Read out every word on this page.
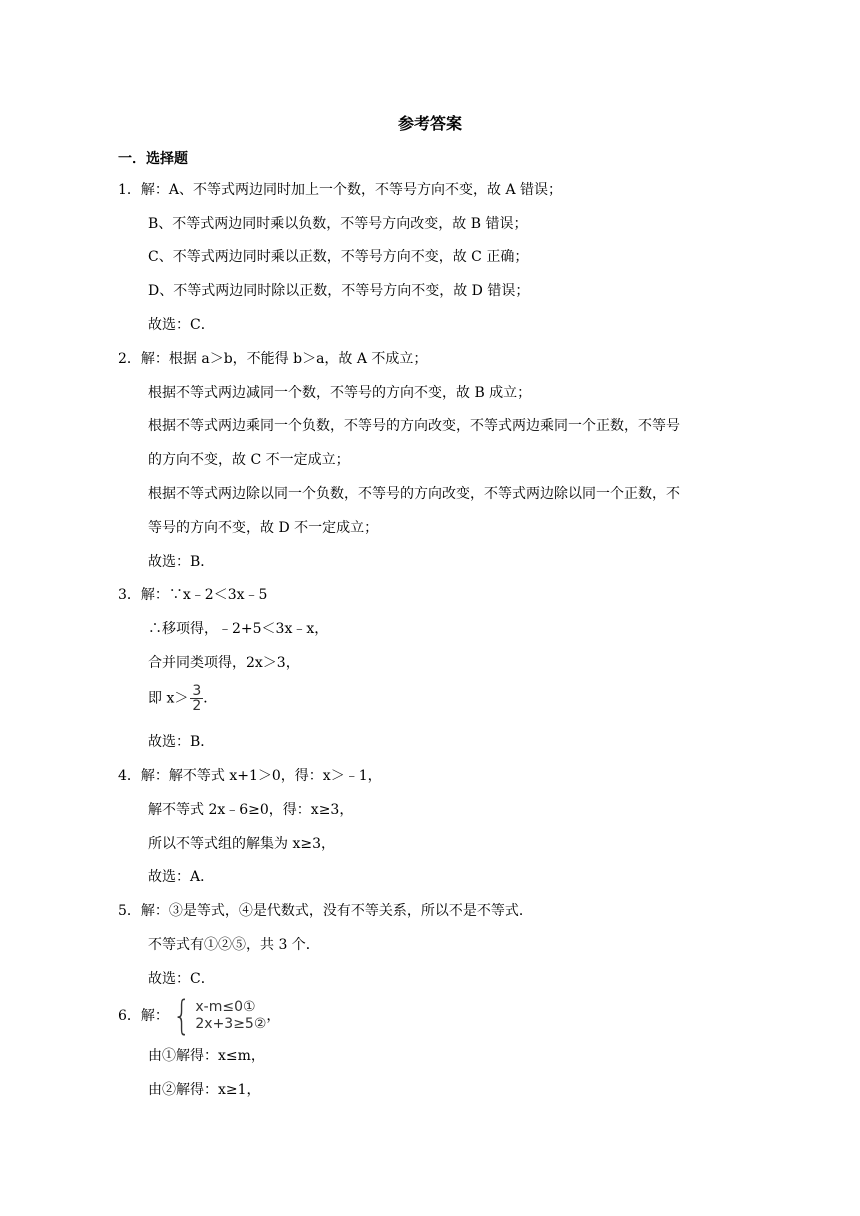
参考答案
一．选择题
1．解：A、不等式两边同时加上一个数，不等号方向不变，故 A 错误；
B、不等式两边同时乘以负数，不等号方向改变，故 B 错误；
C、不等式两边同时乘以正数，不等号方向不变，故 C 正确；
D、不等式两边同时除以正数，不等号方向不变，故 D 错误；
故选：C．
2．解：根据 a＞b，不能得 b＞a，故 A 不成立；
根据不等式两边减同一个数，不等号的方向不变，故 B 成立；
根据不等式两边乘同一个负数，不等号的方向改变，不等式两边乘同一个正数，不等号
的方向不变，故 C 不一定成立；
根据不等式两边除以同一个负数，不等号的方向改变，不等式两边除以同一个正数，不
等号的方向不变，故 D 不一定成立；
故选：B．
3．解：∵x﹣2＜3x﹣5
∴移项得，﹣2+5＜3x﹣x，
合并同类项得，2x＞3，
即 $x> \frac{3}{2}$ ．
故选：B．
4．解：解不等式 x+1＞0，得：x＞﹣1，
解不等式 2x﹣6≥0，得：x≥3，
所以不等式组的解集为 x≥3，
故选：A．
5．解：③是等式，④是代数式，没有不等关系，所以不是不等式．
不等式有①②⑤，共 3 个．
故选：C．
6．解： { x-m≤0①
2x+3≥5② ，
由①解得：x≤m，
由②解得：x≥1，
